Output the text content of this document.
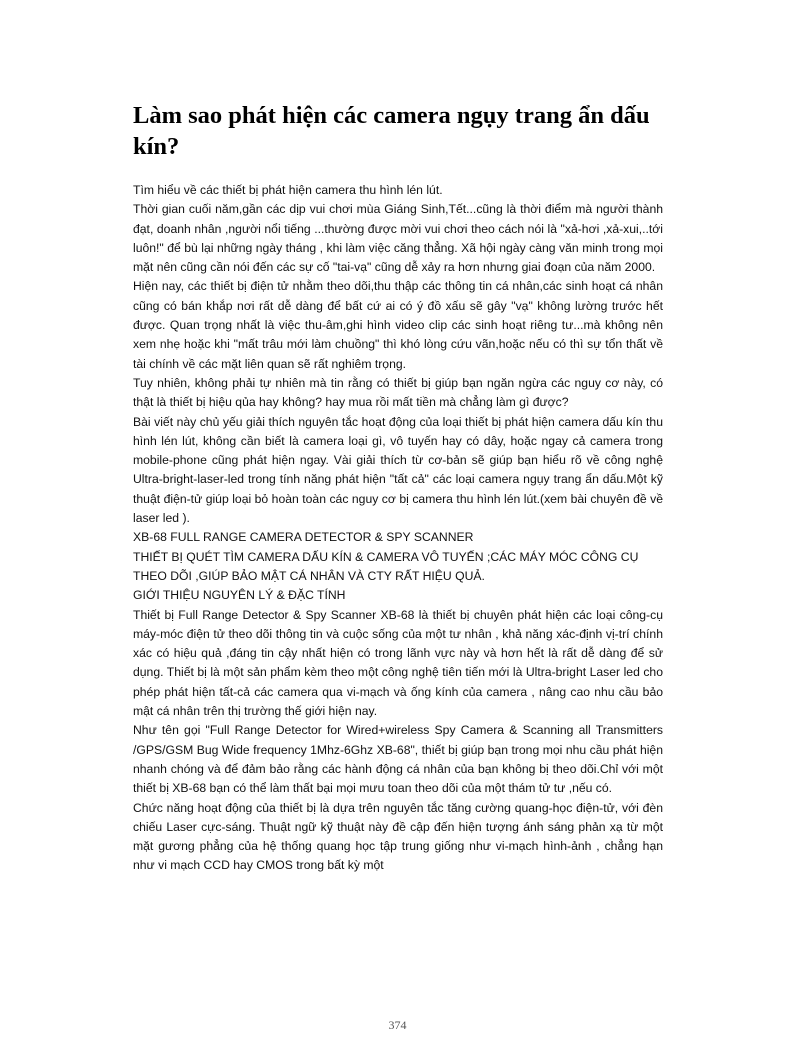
Làm sao phát hiện các camera ngụy trang ẩn dấu kín?

Tìm hiểu về các thiết bị phát hiện camera thu hình lén lút.

Thời gian cuối năm,gần các dịp vui chơi mùa Giáng Sinh,Tết...cũng là thời điểm mà người thành đạt, doanh nhân ,người nổi tiếng ...thường được mời vui chơi theo cách nói là "xả-hơi ,xả-xui,..tới luôn!" để bù lại những ngày tháng , khi làm việc căng thẳng. Xã hội ngày càng văn minh trong mọi mặt nên cũng cần nói đến các sự cố "tai-vạ" cũng dễ xảy ra hơn nhưng giai đoạn của năm 2000.

Hiện nay, các thiết bị điện tử nhằm theo dõi,thu thập các thông tin cá nhân,các sinh hoạt cá nhân cũng có bán khắp nơi rất dễ dàng để bất cứ ai có ý đồ xấu sẽ gây "vạ" không lường trước hết được. Quan trọng nhất là việc thu-âm,ghi hình video clip các sinh hoạt riêng tư...mà không nên xem nhẹ hoặc khi "mất trâu mới làm chuồng" thì khó lòng cứu vãn,hoặc nếu có thì sự tổn thất về tài chính về các mặt liên quan sẽ rất nghiêm trọng.

Tuy nhiên, không phải tự nhiên mà tin rằng có thiết bị giúp bạn ngăn ngừa các nguy cơ này, có thật là thiết bị hiệu qủa hay không? hay mua rồi mất tiền mà chẳng làm gì được?

Bài viết này chủ yếu giải thích nguyên tắc hoạt động của loại thiết bị phát hiện camera dấu kín thu hình lén lút, không cần biết là camera loại gì, vô tuyến hay có dây, hoặc ngay cả camera trong mobile-phone cũng phát hiện ngay. Vài giải thích từ cơ-bản sẽ giúp bạn hiểu rõ về công nghệ Ultra-bright-laser-led trong tính năng phát hiện "tất cả" các loại camera ngụy trang ẩn dấu.Một kỹ thuật điện-tử giúp loại bỏ hoàn toàn các nguy cơ bị camera thu hình lén lút.(xem bài chuyên đề về laser led ).

XB-68 FULL RANGE CAMERA DETECTOR & SPY SCANNER

THIẾT BỊ QUÉT TÌM CAMERA DẤU KÍN & CAMERA VÔ TUYẾN ;CÁC MÁY MÓC CÔNG CỤ THEO DÕI ,GIÚP BẢO MẬT CÁ NHÂN VÀ CTY RẤT HIỆU QUẢ.

GIỚI THIỆU NGUYÊN LÝ & ĐẶC TÍNH

Thiết bị Full Range Detector & Spy Scanner XB-68 là thiết bị chuyên phát hiện các loại công-cụ máy-móc điện tử theo dõi thông tin và cuộc sống của một tư nhân , khả năng xác-định vị-trí chính xác có hiệu quả ,đáng tin cậy nhất hiện có trong lãnh vực này và hơn hết là rất dễ dàng để sử dụng. Thiết bị là một sản phẩm kèm theo một công nghệ tiên tiến mới là Ultra-bright Laser led cho phép phát hiện tất-cả các camera qua vi-mạch và ống kính của camera , nâng cao nhu cầu bảo mật cá nhân trên thị trường thế giới hiện nay.

Như tên gọi "Full Range Detector for Wired+wireless Spy Camera & Scanning all Transmitters /GPS/GSM Bug Wide frequency 1Mhz-6Ghz XB-68", thiết bị giúp bạn trong mọi nhu cầu phát hiện nhanh chóng và để đảm bảo rằng các hành động cá nhân của bạn không bị theo dõi.Chỉ với một thiết bị XB-68 bạn có thể làm thất bại mọi mưu toan theo dõi của một thám tử tư ,nếu có.

Chức năng hoạt động của thiết bị là dựa trên nguyên tắc tăng cường quang-học điện-tử, với đèn chiếu Laser cực-sáng. Thuật ngữ kỹ thuật này đề cập đến hiện tượng ánh sáng phản xạ từ một mặt gương phẳng của hệ thống quang học tập trung giống như vi-mạch hình-ảnh , chẳng hạn như vi mạch CCD hay CMOS trong bất kỳ một

374
